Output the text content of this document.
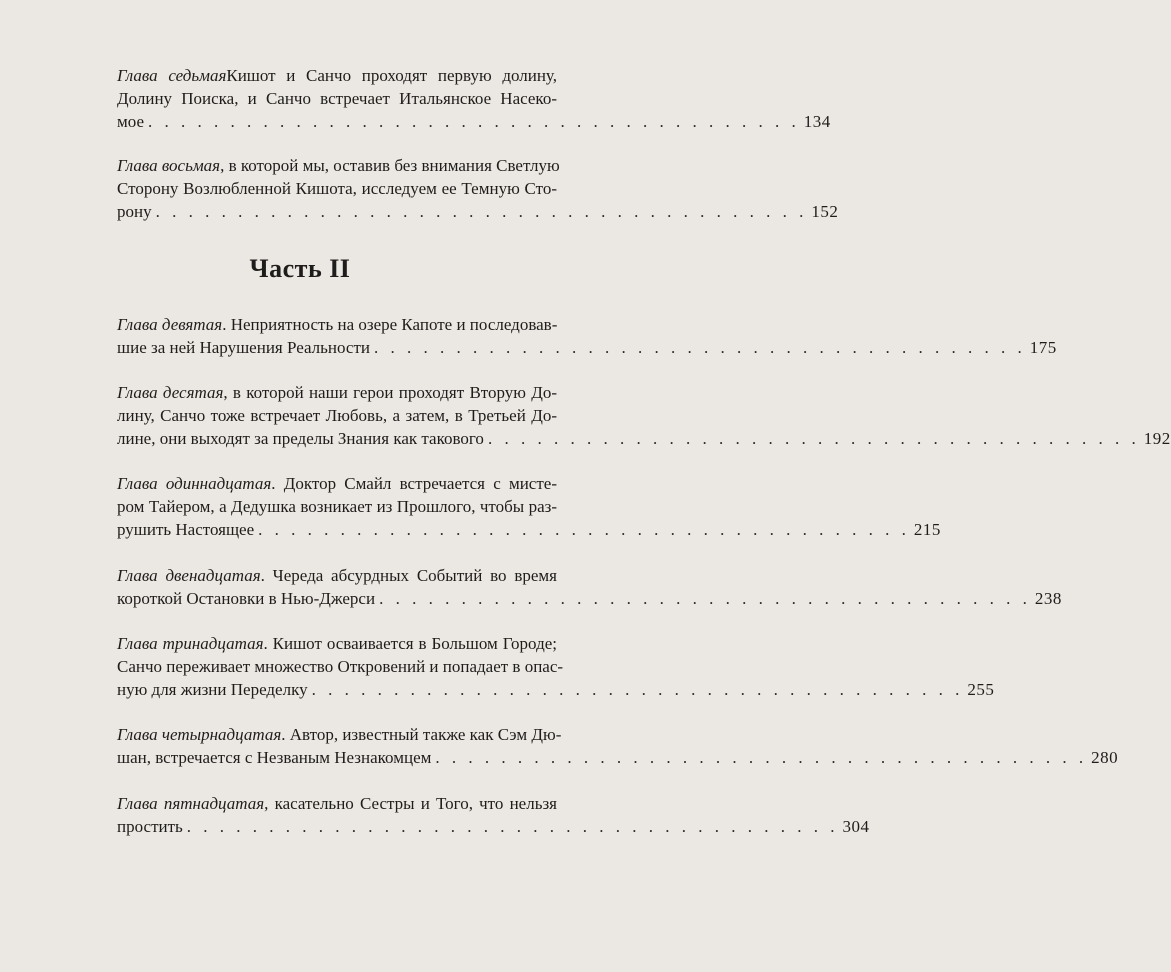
Глава седьмаяКишот и Санчо проходят первую долину,
Долину Поиска, и Санчо встречает Итальянское Насеко-
мое . . . . . . . . . . . . . . . . . . . . . . . . . . . . . . . . . . . . . . . . 134
Глава восьмая, в которой мы, оставив без внимания Светлую
Сторону Возлюбленной Кишота, исследуем ее Темную Сто-
рону . . . . . . . . . . . . . . . . . . . . . . . . . . . . . . . . . . . . . . . . 152
Часть II
Глава девятая. Неприятность на озере Капоте и последовав-
шие за ней Нарушения Реальности . . . . . . . . . . . . . . . . . . . . . . . . . . . . . . . . . . . . . . . . 175
Глава десятая, в которой наши герои проходят Вторую До-
лину, Санчо тоже встречает Любовь, а затем, в Третьей До-
лине, они выходят за пределы Знания как такового . . . . . . . . . . . . . . . . . . . . . . . . . . . . . . . . . . . . . . . . 192
Глава одиннадцатая. Доктор Смайл встречается с мисте-
ром Тайером, а Дедушка возникает из Прошлого, чтобы раз-
рушить Настоящее . . . . . . . . . . . . . . . . . . . . . . . . . . . . . . . . . . . . . . . . 215
Глава двенадцатая. Череда абсурдных Событий во время
короткой Остановки в Нью-Джерси . . . . . . . . . . . . . . . . . . . . . . . . . . . . . . . . . . . . . . . . 238
Глава тринадцатая. Кишот осваивается в Большом Городе;
Санчо переживает множество Откровений и попадает в опас-
ную для жизни Переделку . . . . . . . . . . . . . . . . . . . . . . . . . . . . . . . . . . . . . . . . 255
Глава четырнадцатая. Автор, известный также как Сэм Дю-
шан, встречается с Незваным Незнакомцем . . . . . . . . . . . . . . . . . . . . . . . . . . . . . . . . . . . . . . . . 280
Глава пятнадцатая, касательно Сестры и Того, что нельзя
простить . . . . . . . . . . . . . . . . . . . . . . . . . . . . . . . . . . . . . . . . 304
